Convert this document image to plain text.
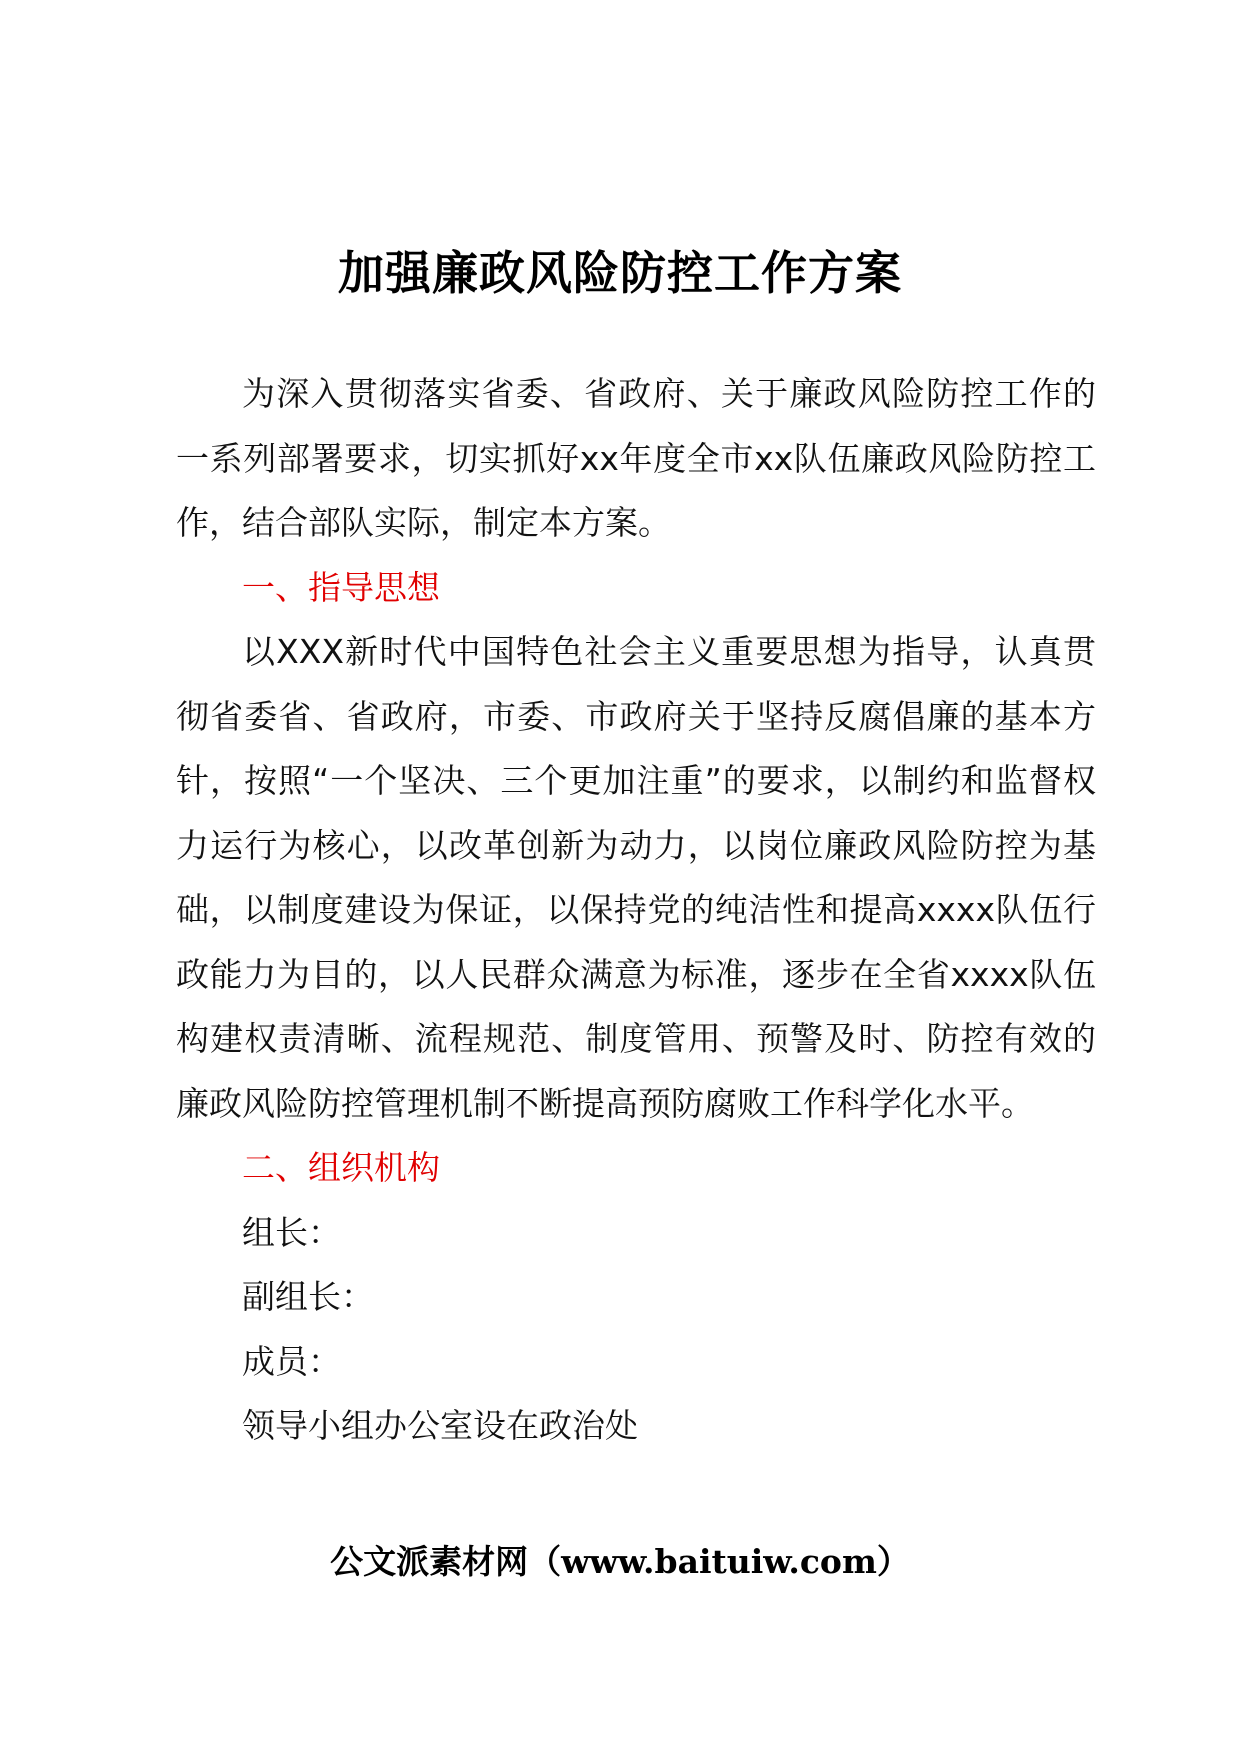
加强廉政风险防控工作方案

为深入贯彻落实省委、省政府、关于廉政风险防控工作的一系列部署要求，切实抓好xx年度全市xx队伍廉政风险防控工作，结合部队实际，制定本方案。

一、指导思想

以XXX新时代中国特色社会主义重要思想为指导，认真贯彻省委省、省政府，市委、市政府关于坚持反腐倡廉的基本方针，按照“一个坚决、三个更加注重”的要求，以制约和监督权力运行为核心，以改革创新为动力，以岗位廉政风险防控为基础，以制度建设为保证，以保持党的纯洁性和提高xxxx队伍行政能力为目的，以人民群众满意为标准，逐步在全省xxxx队伍构建权责清晰、流程规范、制度管用、预警及时、防控有效的廉政风险防控管理机制不断提高预防腐败工作科学化水平。

二、组织机构

组长：

副组长：

成员：

领导小组办公室设在政治处

公文派素材网（www.baituiw.com）
